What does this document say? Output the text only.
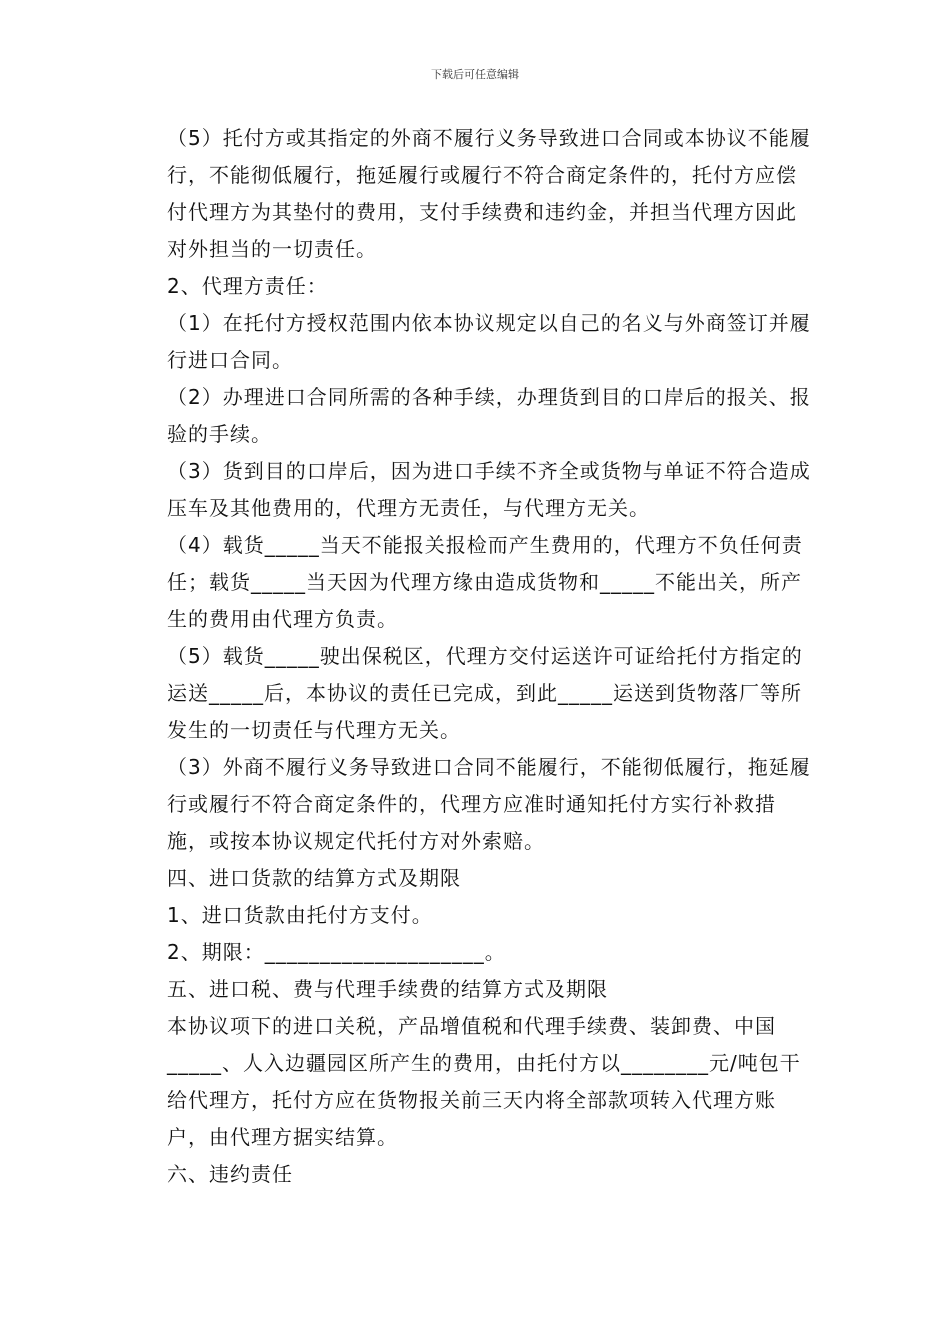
下载后可任意编辑

（5）托付方或其指定的外商不履行义务导致进口合同或本协议不能履行，不能彻低履行，拖延履行或履行不符合商定条件的，托付方应偿付代理方为其垫付的费用，支付手续费和违约金，并担当代理方因此对外担当的一切责任。

2、代理方责任：

（1）在托付方授权范围内依本协议规定以自己的名义与外商签订并履行进口合同。

（2）办理进口合同所需的各种手续，办理货到目的口岸后的报关、报验的手续。

（3）货到目的口岸后，因为进口手续不齐全或货物与单证不符合造成压车及其他费用的，代理方无责任，与代理方无关。

（4）载货_____当天不能报关报检而产生费用的，代理方不负任何责任；载货_____当天因为代理方缘由造成货物和_____不能出关，所产生的费用由代理方负责。

（5）载货_____驶出保税区，代理方交付运送许可证给托付方指定的运送_____后，本协议的责任已完成，到此_____运送到货物落厂等所发生的一切责任与代理方无关。

（3）外商不履行义务导致进口合同不能履行，不能彻低履行，拖延履行或履行不符合商定条件的，代理方应准时通知托付方实行补救措施，或按本协议规定代托付方对外索赔。

四、进口货款的结算方式及期限

1、进口货款由托付方支付。

2、期限：____________________。

五、进口税、费与代理手续费的结算方式及期限

本协议项下的进口关税，产品增值税和代理手续费、装卸费、中国_____、人入边疆园区所产生的费用，由托付方以________元/吨包干给代理方，托付方应在货物报关前三天内将全部款项转入代理方账户，由代理方据实结算。

六、违约责任
